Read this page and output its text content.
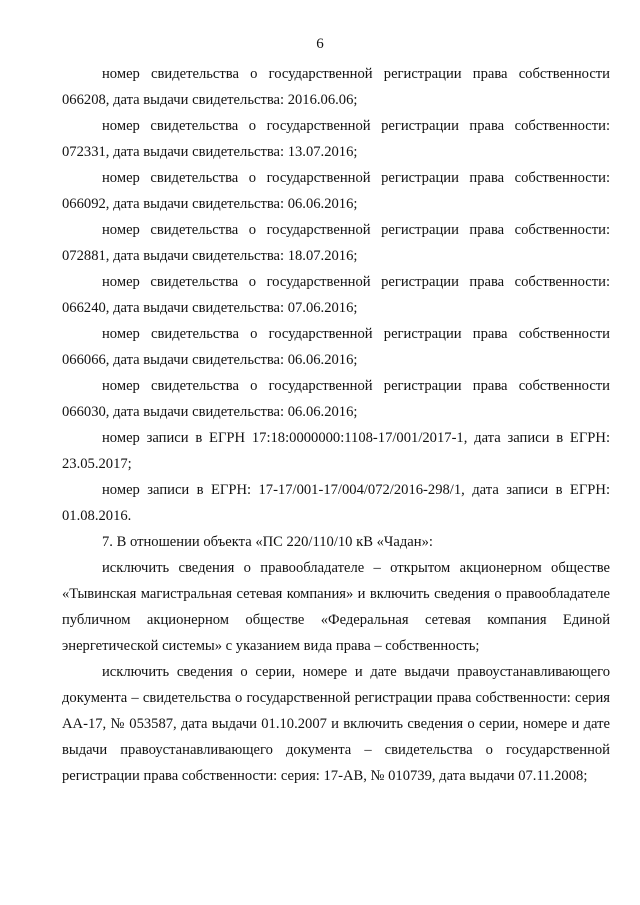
6

номер свидетельства о государственной регистрации права собственности 066208, дата выдачи свидетельства: 2016.06.06;

номер свидетельства о государственной регистрации права собственности: 072331, дата выдачи свидетельства: 13.07.2016;

номер свидетельства о государственной регистрации права собственности: 066092, дата выдачи свидетельства: 06.06.2016;

номер свидетельства о государственной регистрации права собственности: 072881, дата выдачи свидетельства: 18.07.2016;

номер свидетельства о государственной регистрации права собственности: 066240, дата выдачи свидетельства: 07.06.2016;

номер свидетельства о государственной регистрации права собственности 066066, дата выдачи свидетельства: 06.06.2016;

номер свидетельства о государственной регистрации права собственности 066030, дата выдачи свидетельства: 06.06.2016;

номер записи в ЕГРН 17:18:0000000:1108-17/001/2017-1, дата записи в ЕГРН: 23.05.2017;

номер записи в ЕГРН: 17-17/001-17/004/072/2016-298/1, дата записи в ЕГРН: 01.08.2016.

7. В отношении объекта «ПС 220/110/10 кВ «Чадан»:

исключить сведения о правообладателе – открытом акционерном обществе «Тывинская магистральная сетевая компания» и включить сведения о правообладателе публичном акционерном обществе «Федеральная сетевая компания Единой энергетической системы» с указанием вида права – собственность;

исключить сведения о серии, номере и дате выдачи правоустанавливающего документа – свидетельства о государственной регистрации права собственности: серия АА-17, № 053587, дата выдачи 01.10.2007 и включить сведения о серии, номере и дате выдачи правоустанавливающего документа – свидетельства о государственной регистрации права собственности: серия: 17-АВ, № 010739, дата выдачи 07.11.2008;
